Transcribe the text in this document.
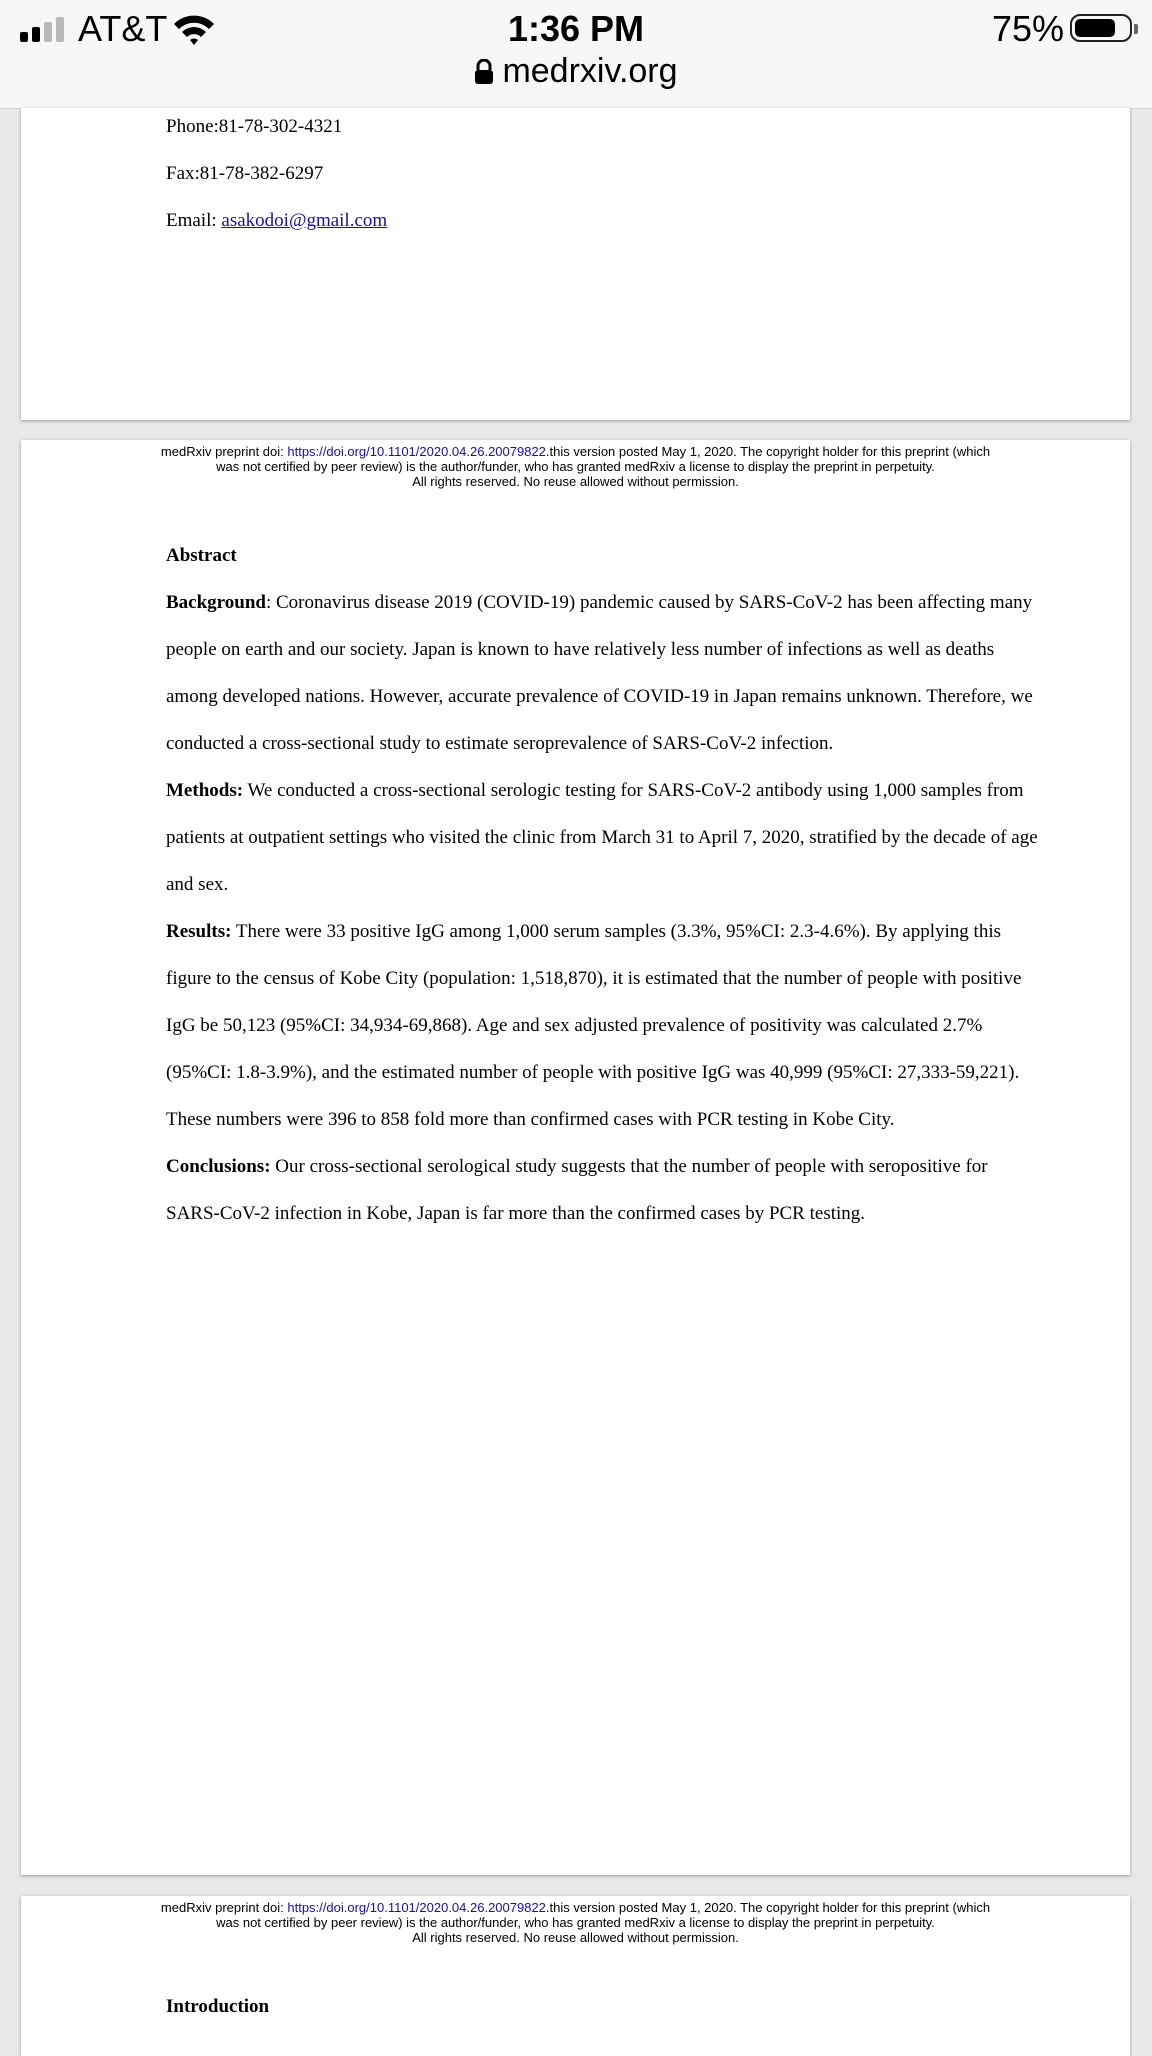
AT&T	1:36 PM
medrxiv.org
75%
Phone:81-78-302-4321
Fax:81-78-382-6297
Email: asakodoi@gmail.com
medRxiv preprint doi: https://doi.org/10.1101/2020.04.26.20079822.this version posted May 1, 2020. The copyright holder for this preprint (which
was not certified by peer review) is the author/funder, who has granted medRxiv a license to display the preprint in perpetuity.
All rights reserved. No reuse allowed without permission.
Abstract

Background: Coronavirus disease 2019 (COVID-19) pandemic caused by SARS-CoV-2 has been affecting many people on earth and our society. Japan is known to have relatively less number of infections as well as deaths among developed nations. However, accurate prevalence of COVID-19 in Japan remains unknown. Therefore, we conducted a cross-sectional study to estimate seroprevalence of SARS-CoV-2 infection.

Methods: We conducted a cross-sectional serologic testing for SARS-CoV-2 antibody using 1,000 samples from patients at outpatient settings who visited the clinic from March 31 to April 7, 2020, stratified by the decade of age and sex.

Results: There were 33 positive IgG among 1,000 serum samples (3.3%, 95%CI: 2.3-4.6%). By applying this figure to the census of Kobe City (population: 1,518,870), it is estimated that the number of people with positive IgG be 50,123 (95%CI: 34,934-69,868). Age and sex adjusted prevalence of positivity was calculated 2.7% (95%CI: 1.8-3.9%), and the estimated number of people with positive IgG was 40,999 (95%CI: 27,333-59,221). These numbers were 396 to 858 fold more than confirmed cases with PCR testing in Kobe City.

Conclusions: Our cross-sectional serological study suggests that the number of people with seropositive for SARS-CoV-2 infection in Kobe, Japan is far more than the confirmed cases by PCR testing.

medRxiv preprint doi: https://doi.org/10.1101/2020.04.26.20079822.this version posted May 1, 2020. The copyright holder for this preprint (which
was not certified by peer review) is the author/funder, who has granted medRxiv a license to display the preprint in perpetuity.
All rights reserved. No reuse allowed without permission.
Introduction
